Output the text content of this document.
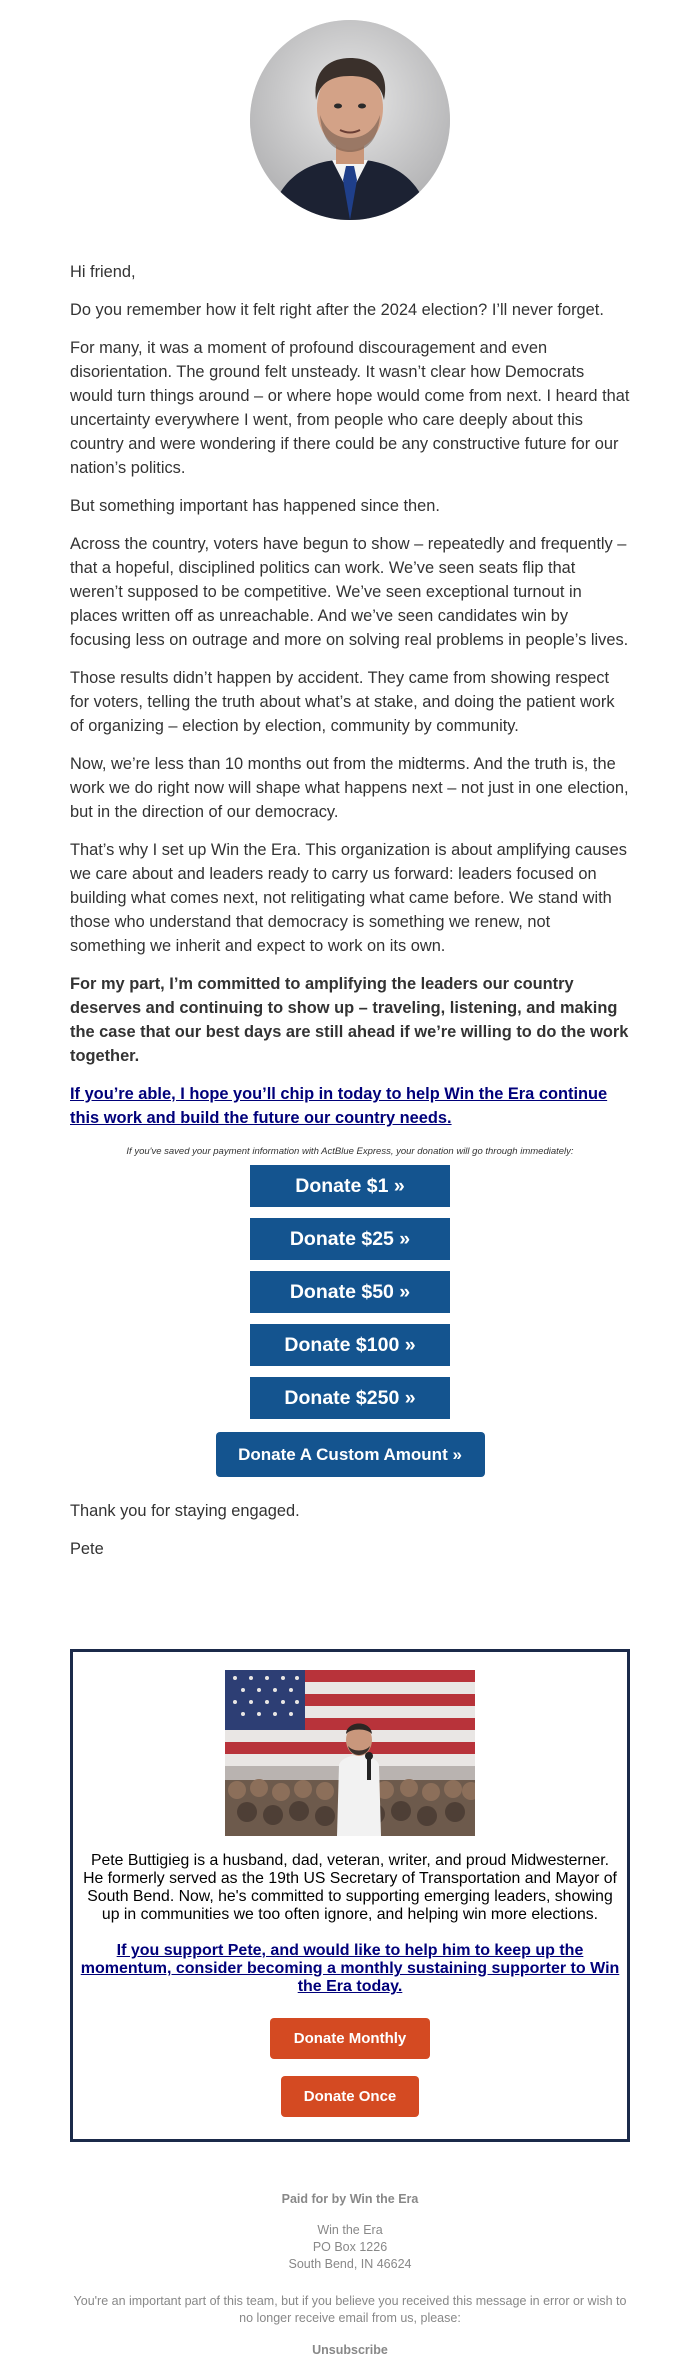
Hi friend,

Do you remember how it felt right after the 2024 election? I’ll never forget.

For many, it was a moment of profound discouragement and even disorientation. The ground felt unsteady. It wasn’t clear how Democrats would turn things around – or where hope would come from next. I heard that uncertainty everywhere I went, from people who care deeply about this country and were wondering if there could be any constructive future for our nation’s politics.

But something important has happened since then.

Across the country, voters have begun to show – repeatedly and frequently – that a hopeful, disciplined politics can work. We’ve seen seats flip that weren’t supposed to be competitive. We’ve seen exceptional turnout in places written off as unreachable. And we’ve seen candidates win by focusing less on outrage and more on solving real problems in people’s lives.

Those results didn’t happen by accident. They came from showing respect for voters, telling the truth about what’s at stake, and doing the patient work of organizing – election by election, community by community.

Now, we’re less than 10 months out from the midterms. And the truth is, the work we do right now will shape what happens next – not just in one election, but in the direction of our democracy.

That’s why I set up Win the Era. This organization is about amplifying causes we care about and leaders ready to carry us forward: leaders focused on building what comes next, not relitigating what came before. We stand with those who understand that democracy is something we renew, not something we inherit and expect to work on its own.

For my part, I’m committed to amplifying the leaders our country deserves and continuing to show up – traveling, listening, and making the case that our best days are still ahead if we’re willing to do the work together.

If you’re able, I hope you’ll chip in today to help Win the Era continue this work and build the future our country needs.

If you've saved your payment information with ActBlue Express, your donation will go through immediately:
Donate $1 »
Donate $25 »
Donate $50 »
Donate $100 »
Donate $250 »
Donate A Custom Amount »

Thank you for staying engaged.

Pete

Pete Buttigieg is a husband, dad, veteran, writer, and proud Midwesterner. He formerly served as the 19th US Secretary of Transportation and Mayor of South Bend. Now, he's committed to supporting emerging leaders, showing up in communities we too often ignore, and helping win more elections.

If you support Pete, and would like to help him to keep up the momentum, consider becoming a monthly sustaining supporter to Win the Era today.

Donate Monthly
Donate Once
Paid for by Win the Era
Win the Era
PO Box 1226
South Bend, IN 46624
You're an important part of this team, but if you believe you received this message in error or wish to no longer receive email from us, please:
Unsubscribe
